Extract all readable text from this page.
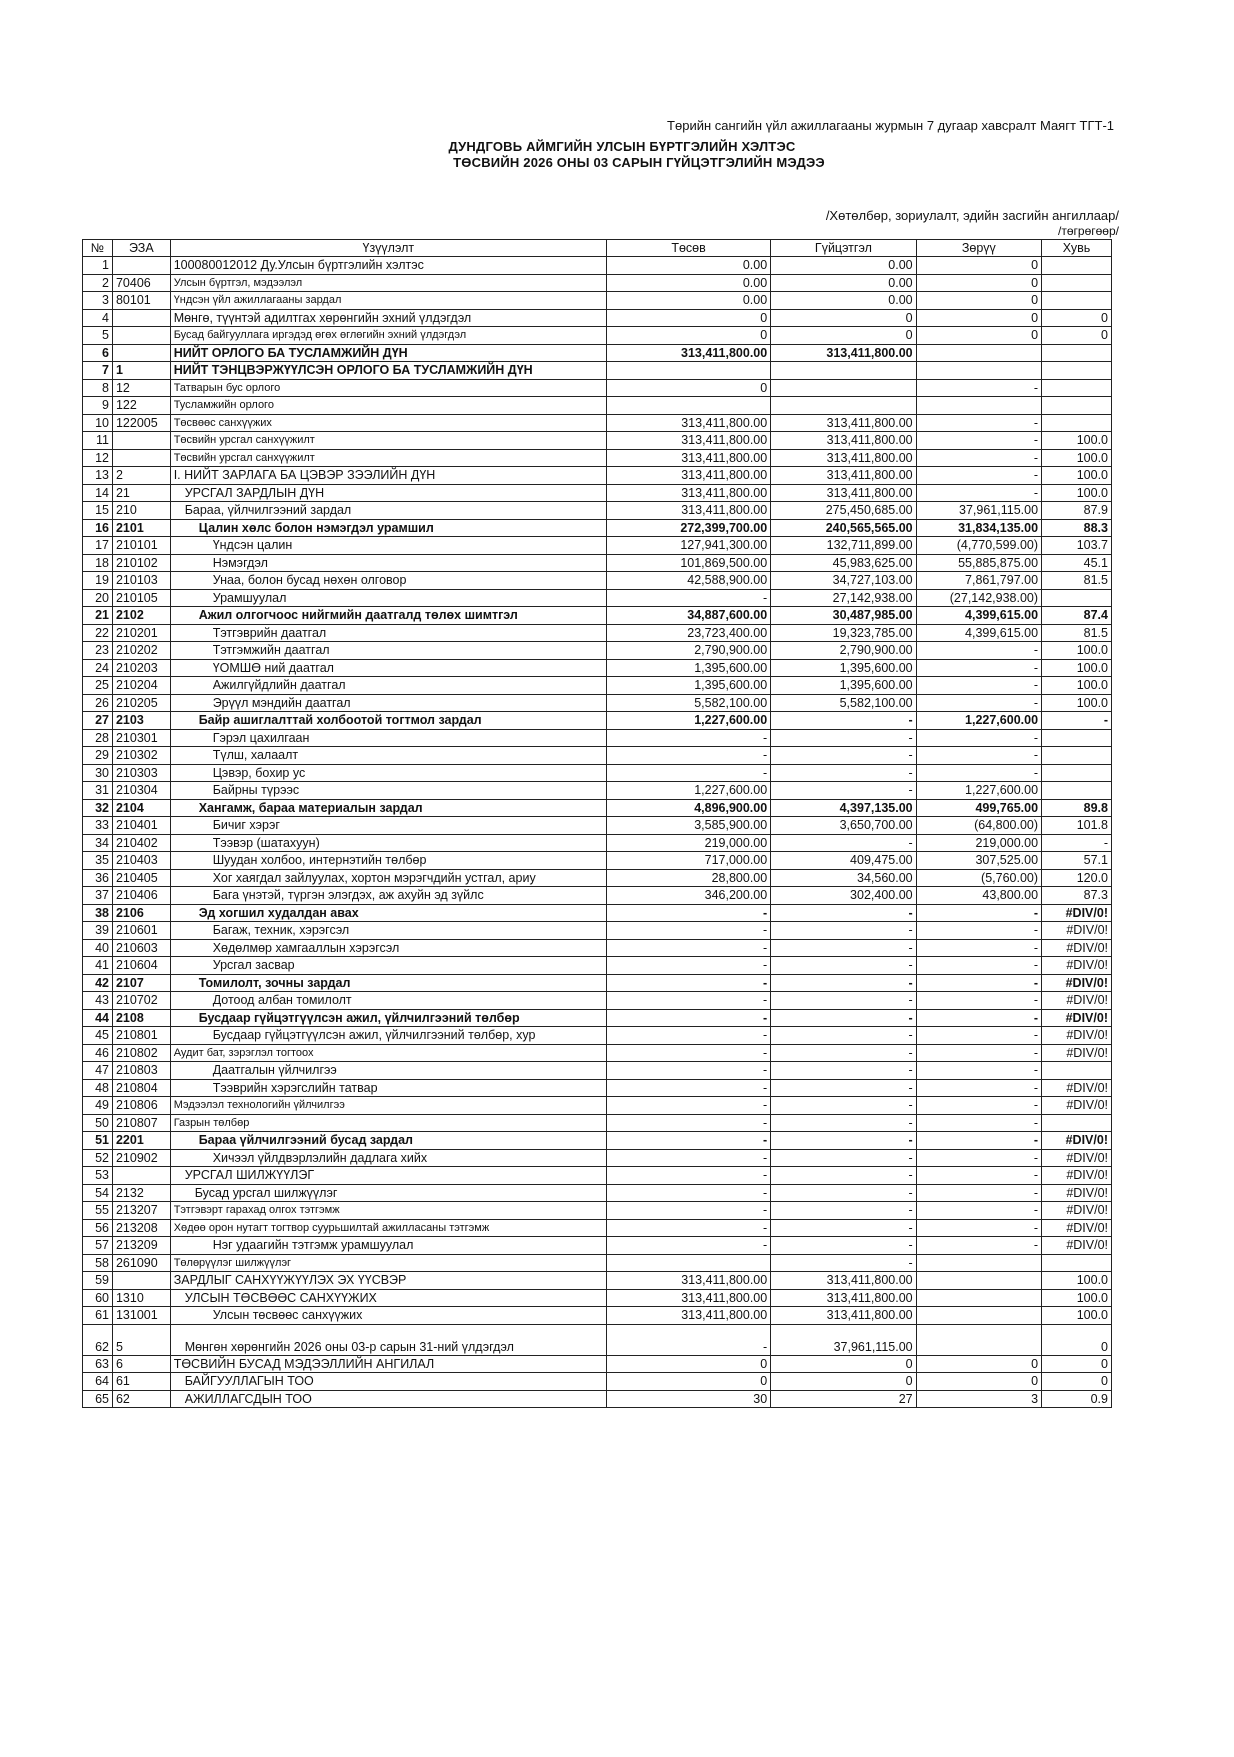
Төрийн сангийн үйл ажиллагааны журмын 7 дугаар хавсралт Маягт ТГТ-1
ДУНДГОВЬ АЙМГИЙН УЛСЫН БҮРТГЭЛИЙН ХЭЛТЭС
ТӨСВИЙН 2026 ОНЫ 03 САРЫН ГҮЙЦЭТГЭЛИЙН МЭДЭЭ
/Хөтөлбөр, зориулалт, эдийн засгийн ангиллаар/
/төгрөгөөр/
№	ЭЗА	Үзүүлэлт	Төсөв	Гүйцэтгэл	Зөрүү	Хувь
1		100080012012 Ду.Улсын бүртгэлийн хэлтэс	0.00	0.00	0	
2	70406	Улсын бүртгэл, мэдээлэл	0.00	0.00	0	
3	80101	Үндсэн үйл ажиллагааны зардал	0.00	0.00	0	
4		Мөнгө, түүнтэй адилтгах хөрөнгийн эхний үлдэгдэл	0	0	0	0
5		Бусад байгууллага иргэдэд өгөх өглөгийн эхний үлдэгдэл	0	0	0	0
6		НИЙТ ОРЛОГО БА ТУСЛАМЖИЙН ДҮН	313,411,800.00	313,411,800.00		
7	1	НИЙТ ТЭНЦВЭРЖҮҮЛСЭН ОРЛОГО БА ТУСЛАМЖИЙН ДҮН				
8	12	Татварын бус орлого	0		-	
9	122	Тусламжийн орлого				
10	122005	Төсвөөс санхүүжих	313,411,800.00	313,411,800.00	-	
11		Төсвийн урсгал санхүүжилт	313,411,800.00	313,411,800.00	-	100.0
12		Төсвийн урсгал санхүүжилт	313,411,800.00	313,411,800.00	-	100.0
13	2	I. НИЙТ ЗАРЛАГА БА ЦЭВЭР ЗЭЭЛИЙН ДҮН	313,411,800.00	313,411,800.00	-	100.0
14	21	УРСГАЛ ЗАРДЛЫН ДҮН	313,411,800.00	313,411,800.00	-	100.0
15	210	Бараа, үйлчилгээний зардал	313,411,800.00	275,450,685.00	37,961,115.00	87.9
16	2101	Цалин хөлс болон нэмэгдэл урамшил	272,399,700.00	240,565,565.00	31,834,135.00	88.3
17	210101	Үндсэн цалин	127,941,300.00	132,711,899.00	(4,770,599.00)	103.7
18	210102	Нэмэгдэл	101,869,500.00	45,983,625.00	55,885,875.00	45.1
19	210103	Унаа, болон бусад нөхөн олговор	42,588,900.00	34,727,103.00	7,861,797.00	81.5
20	210105	Урамшуулал	-	27,142,938.00	(27,142,938.00)	
21	2102	Ажил олгогчоос нийгмийн даатгалд төлөх шимтгэл	34,887,600.00	30,487,985.00	4,399,615.00	87.4
22	210201	Тэтгэврийн даатгал	23,723,400.00	19,323,785.00	4,399,615.00	81.5
23	210202	Тэтгэмжийн даатгал	2,790,900.00	2,790,900.00	-	100.0
24	210203	ҮОМШӨ ний даатгал	1,395,600.00	1,395,600.00	-	100.0
25	210204	Ажилгүйдлийн даатгал	1,395,600.00	1,395,600.00	-	100.0
26	210205	Эрүүл мэндийн даатгал	5,582,100.00	5,582,100.00	-	100.0
27	2103	Байр ашиглалттай холбоотой тогтмол зардал	1,227,600.00	-	1,227,600.00	-
28	210301	Гэрэл цахилгаан	-	-	-	
29	210302	Түлш, халаалт	-	-	-	
30	210303	Цэвэр, бохир ус	-	-	-	
31	210304	Байрны түрээс	1,227,600.00	-	1,227,600.00	
32	2104	Хангамж, бараа материалын зардал	4,896,900.00	4,397,135.00	499,765.00	89.8
33	210401	Бичиг хэрэг	3,585,900.00	3,650,700.00	(64,800.00)	101.8
34	210402	Тээвэр (шатахуун)	219,000.00	-	219,000.00	-
35	210403	Шуудан холбоо, интернэтийн төлбөр	717,000.00	409,475.00	307,525.00	57.1
36	210405	Хог хаягдал зайлуулах, хортон мэрэгчдийн устгал, ариу	28,800.00	34,560.00	(5,760.00)	120.0
37	210406	Бага үнэтэй, түргэн элэгдэх, аж ахуйн эд зүйлс	346,200.00	302,400.00	43,800.00	87.3
38	2106	Эд хогшил худалдан авах	-	-	-	#DIV/0!
39	210601	Багаж, техник, хэрэгсэл	-	-	-	#DIV/0!
40	210603	Хөдөлмөр хамгааллын хэрэгсэл	-	-	-	#DIV/0!
41	210604	Урсгал засвар	-	-	-	#DIV/0!
42	2107	Томилолт, зочны зардал	-	-	-	#DIV/0!
43	210702	Дотоод албан томилолт	-	-	-	#DIV/0!
44	2108	Бусдаар гүйцэтгүүлсэн ажил, үйлчилгээний төлбөр	-	-	-	#DIV/0!
45	210801	Бусдаар гүйцэтгүүлсэн ажил, үйлчилгээний төлбөр, хур	-	-	-	#DIV/0!
46	210802	Аудит бат, зэрэглэл тогтоох	-	-	-	#DIV/0!
47	210803	Даатгалын үйлчилгээ	-	-	-	
48	210804	Тээврийн хэрэгслийн татвар	-	-	-	#DIV/0!
49	210806	Мэдээлэл технологийн үйлчилгээ	-	-	-	#DIV/0!
50	210807	Газрын төлбөр	-	-	-	
51	2201	Бараа үйлчилгээний бусад зардал	-	-	-	#DIV/0!
52	210902	Хичээл үйлдвэрлэлийн дадлага хийх	-	-	-	#DIV/0!
53		УРСГАЛ ШИЛЖҮҮЛЭГ	-	-	-	#DIV/0!
54	2132	Бусад урсгал шилжүүлэг	-	-	-	#DIV/0!
55	213207	Тэтгэвэрт гарахад олгох тэтгэмж	-	-	-	#DIV/0!
56	213208	Хөдөө орон нутагт тогтвор суурьшилтай ажилласаны тэтгэмж	-	-	-	#DIV/0!
57	213209	Нэг удаагийн тэтгэмж урамшуулал	-	-	-	#DIV/0!
58	261090	Төлөрүүлэг шилжүүлэг		-		
59		ЗАРДЛЫГ САНХҮҮЖҮҮЛЭХ ЭХ ҮҮСВЭР	313,411,800.00	313,411,800.00		100.0
60	1310	УЛСЫН ТӨСВӨӨС САНХҮҮЖИХ	313,411,800.00	313,411,800.00		100.0
61	131001	Улсын төсвөөс санхүүжих	313,411,800.00	313,411,800.00		100.0
62	5	Мөнгөн хөрөнгийн 2026 оны 03-р сарын 31-ний үлдэгдэл	-	37,961,115.00		0
63	6	ТӨСВИЙН БУСАД МЭДЭЭЛЛИЙН АНГИЛАЛ	0	0	0	0
64	61	БАЙГУУЛЛАГЫН ТОО	0	0	0	0
65	62	АЖИЛЛАГСДЫН ТОО	30	27	3	0.9
